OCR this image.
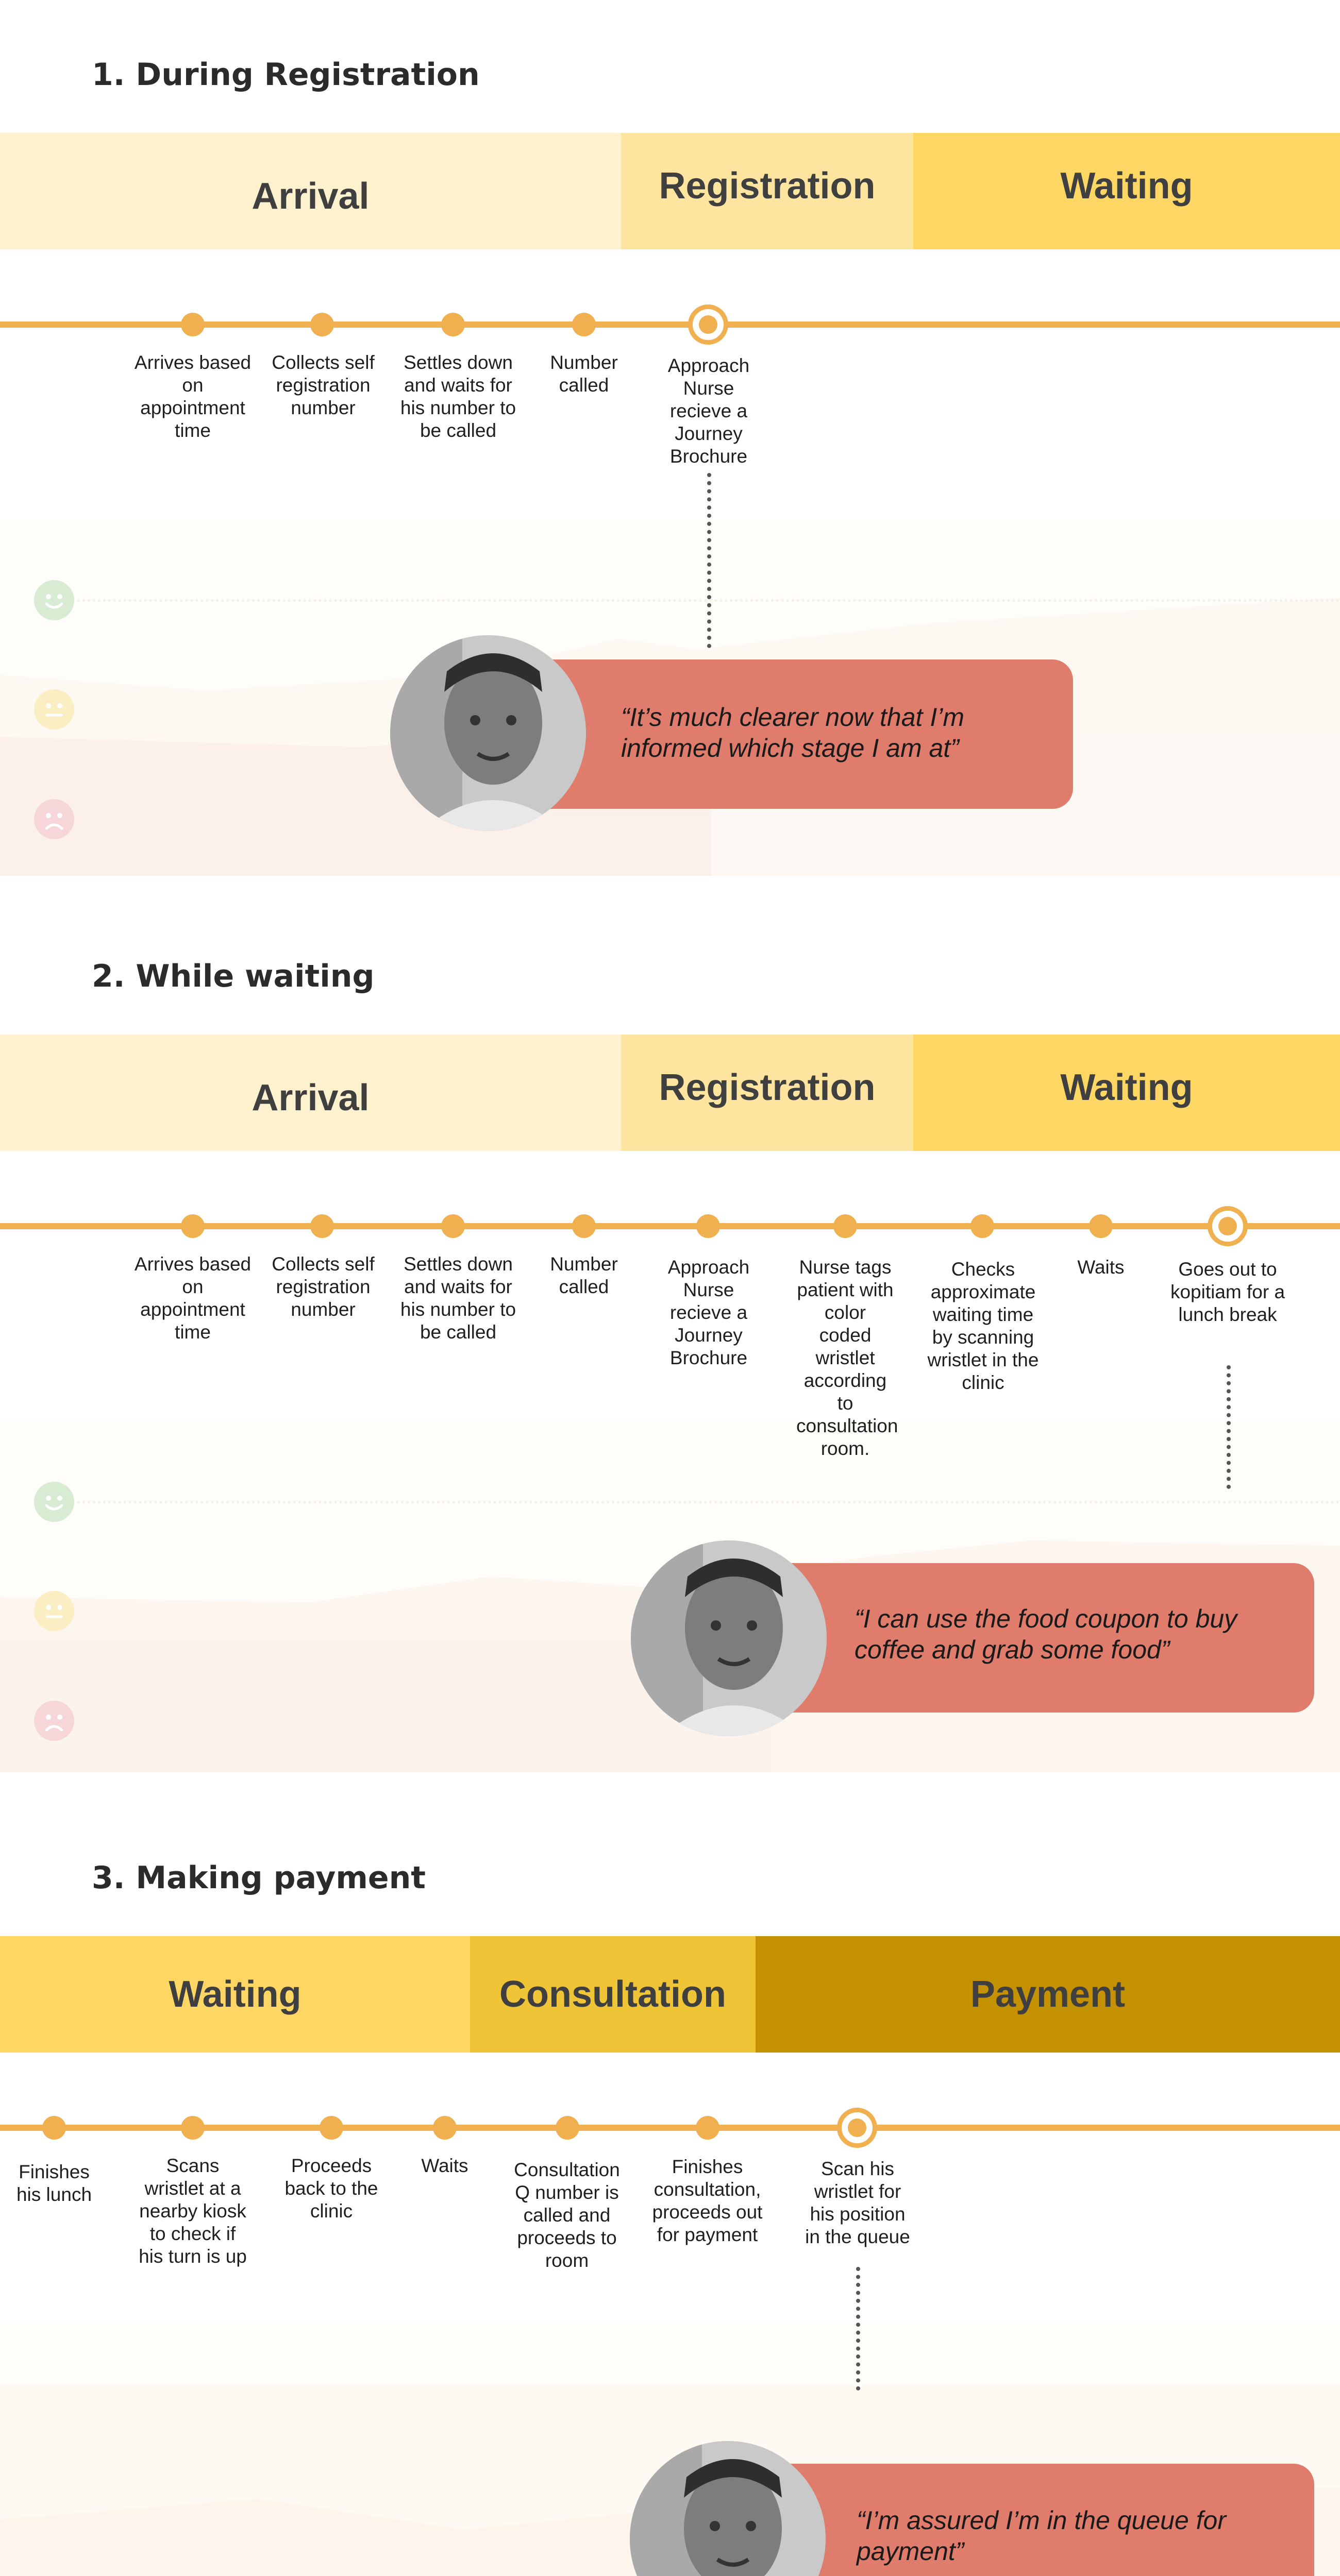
1. During Registration
Arrival	Registration	Waiting
Arrives based on appointment time
Collects self registration number
Settles down and waits for his number to be called
Number called
Approach Nurse recieve a Journey Brochure
“It’s much clearer now that I’m informed which stage I am at”
2. While waiting
Arrival	Registration	Waiting
Arrives based on appointment time
Collects self registration number
Settles down and waits for his number to be called
Number called
Approach Nurse recieve a Journey Brochure
Nurse tags patient with color coded wristlet according to consultation room.
Checks approximate waiting time by scanning wristlet in the clinic
Waits	Goes out to kopitiam for a lunch break
“I can use the food coupon to buy coffee and grab some food”
3. Making payment
Waiting	Consultation	Payment
Finishes his lunch
Scans wristlet at a nearby kiosk to check if his turn is up
Proceeds back to the clinic
Waits	Consultation Q number is called and proceeds to room
Finishes consultation, proceeds out for payment
Scan his wristlet for his position in the queue
“I’m assured I’m in the queue for payment”
